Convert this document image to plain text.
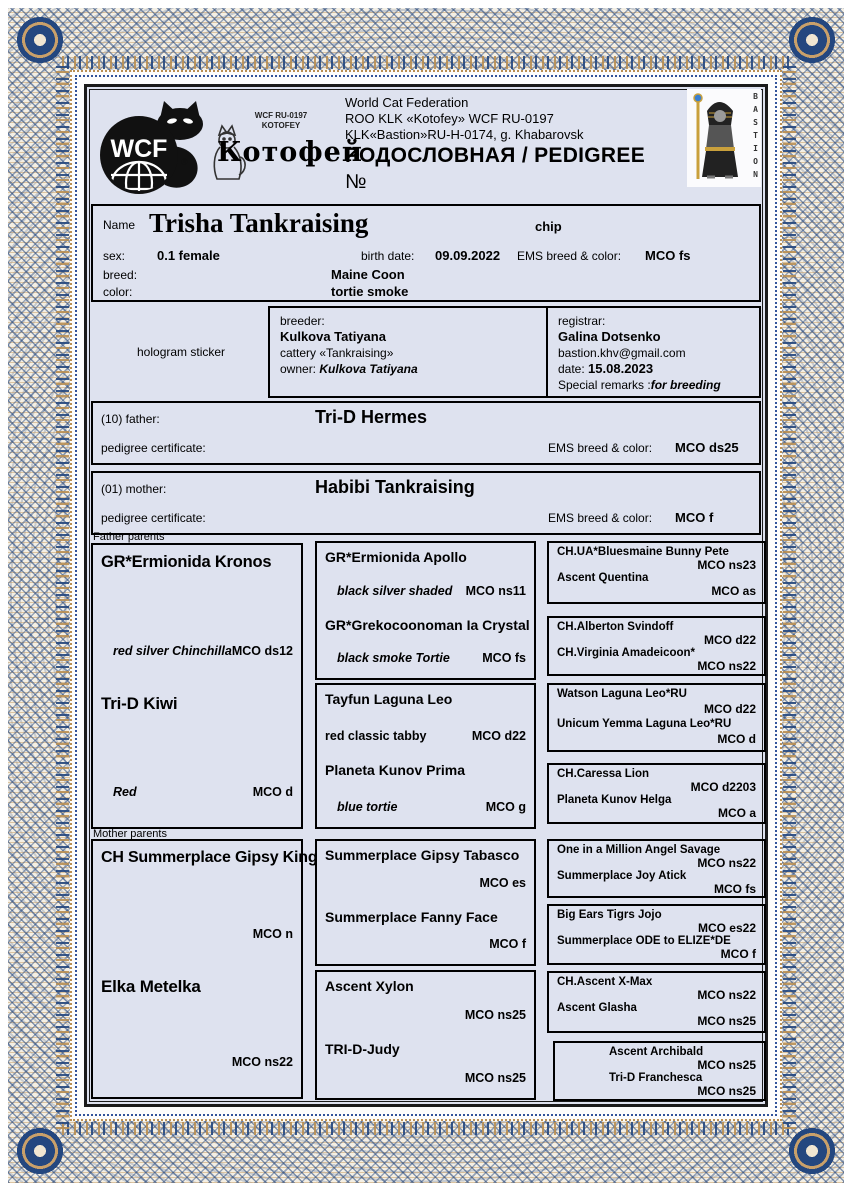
WCF ®
WCF RU-0197
KOTOFEY
Котофей
World Cat Federation
ROO KLK «Kotofey» WCF RU-0197
KLK«Bastion»RU-H-0174, g. Khabarovsk
РОДОСЛОВНАЯ / PEDIGREE
№	BASTION
Name Trisha Tankraising	chip
sex: 0.1 female	birth date: 09.09.2022 EMS breed & color: MCO fs
breed:	Maine Coon
color:	tortie smoke
hologram sticker
breeder:
Kulkova Tatiyana
cattery «Tankraising»
owner: Kulkova Tatiyana
registrar:
Galina Dotsenko
bastion.khv@gmail.com
date: 15.08.2023
Special remarks :for breeding
(10) father:	Tri-D Hermes
pedigree certificate:	EMS breed & color: MCO ds25
(01) mother:	Habibi Tankraising
pedigree certificate:	EMS breed & color: MCO f
Father parents
GR*Ermionida Kronos
red silver Chinchilla MCO ds12
Tri-D Kiwi
Red	MCO d
GR*Ermionida Apollo
black silver shaded MCO ns11
GR*Grekocoonoman Ia Crystal
black smoke Tortie	MCO fs
Tayfun Laguna Leo
red classic tabby	MCO d22
Planeta Kunov Prima
blue tortie	MCO g
CH.UA*Bluesmaine Bunny Pete
MCO ns23
Ascent Quentina
MCO as
CH.Alberton Svindoff
MCO d22
CH.Virginia Amadeicoon*
MCO ns22
Watson Laguna Leo*RU
MCO d22
Unicum Yemma Laguna Leo*RU
MCO d
CH.Caressa Lion
MCO d2203
Planeta Kunov Helga
MCO a
Mother parents
CH Summerplace Gipsy King
MCO n
Elka Metelka
MCO ns22
Summerplace Gipsy Tabasco
MCO es
Summerplace Fanny Face
MCO f
Ascent Xylon
MCO ns25
TRI-D-Judy
MCO ns25
One in a Million Angel Savage
MCO ns22
Summerplace Joy Atick
MCO fs
Big Ears Tigrs Jojo
MCO es22
Summerplace ODE to ELIZE*DE
MCO f
CH.Ascent X-Max
MCO ns22
Ascent Glasha
MCO ns25
Ascent Archibald
MCO ns25
Tri-D Franchesca
MCO ns25
